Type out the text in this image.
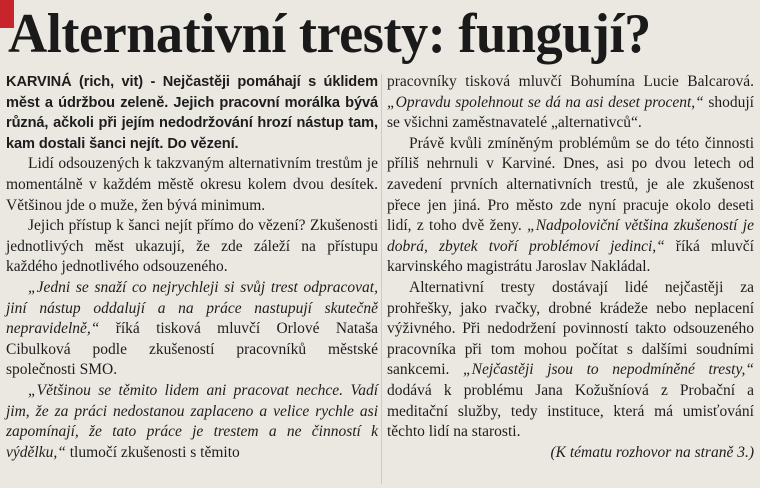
Alternativní tresty: fungují?

KARVINÁ (rich, vit) - Nejčastěji pomáhají s úklidem měst a údržbou zeleně. Jejich pracovní morálka bývá různá, ačkoli při jejím nedodržování hrozí nástup tam, kam dostali šanci nejít. Do vězení.

Lidí odsouzených k takzvaným alternativním trestům je momentálně v každém městě okresu kolem dvou desítek. Většinou jde o muže, žen bývá minimum.

Jejich přístup k šanci nejít přímo do vězení? Zkušenosti jednotlivých měst ukazují, že zde záleží na přístupu každého jednotlivého odsouzeného.

„Jedni se snaží co nejrychleji si svůj trest odpracovat, jiní nástup oddalují a na práce nastupují skutečně nepravidelně,“ říká tisková mluvčí Orlové Nataša Cibulková podle zkušeností pracovníků městské společnosti SMO.

„Většinou se těmito lidem ani pracovat nechce. Vadí jim, že za práci nedostanou zaplaceno a velice rychle asi zapomínají, že tato práce je trestem a ne činností k výdělku,“ tlumočí zkušenosti s těmito

pracovníky tisková mluvčí Bohumína Lucie Balcarová. „Opravdu spolehnout se dá na asi deset procent,“ shodují se všichni zaměstnavatelé „alternativců“.

Právě kvůli zmíněným problémům se do této činnosti příliš nehrnuli v Karviné. Dnes, asi po dvou letech od zavedení prvních alternativních trestů, je ale zkušenost přece jen jiná. Pro město zde nyní pracuje okolo deseti lidí, z toho dvě ženy. „Nadpoloviční většina zkušeností je dobrá, zbytek tvoří problémoví jedinci,“ říká mluvčí karvinského magistrátu Jaroslav Nakládal.

Alternativní tresty dostávají lidé nejčastěji za prohřešky, jako rvačky, drobné krádeže nebo neplacení výživného. Při nedodržení povinností takto odsouzeného pracovníka při tom mohou počítat s dalšími soudními sankcemi. „Nejčastěji jsou to nepodmíněné tresty,“ dodává k problému Jana Kožušníová z Probační a meditační služby, tedy instituce, která má umisťování těchto lidí na starosti.

(K tématu rozhovor na straně 3.)
